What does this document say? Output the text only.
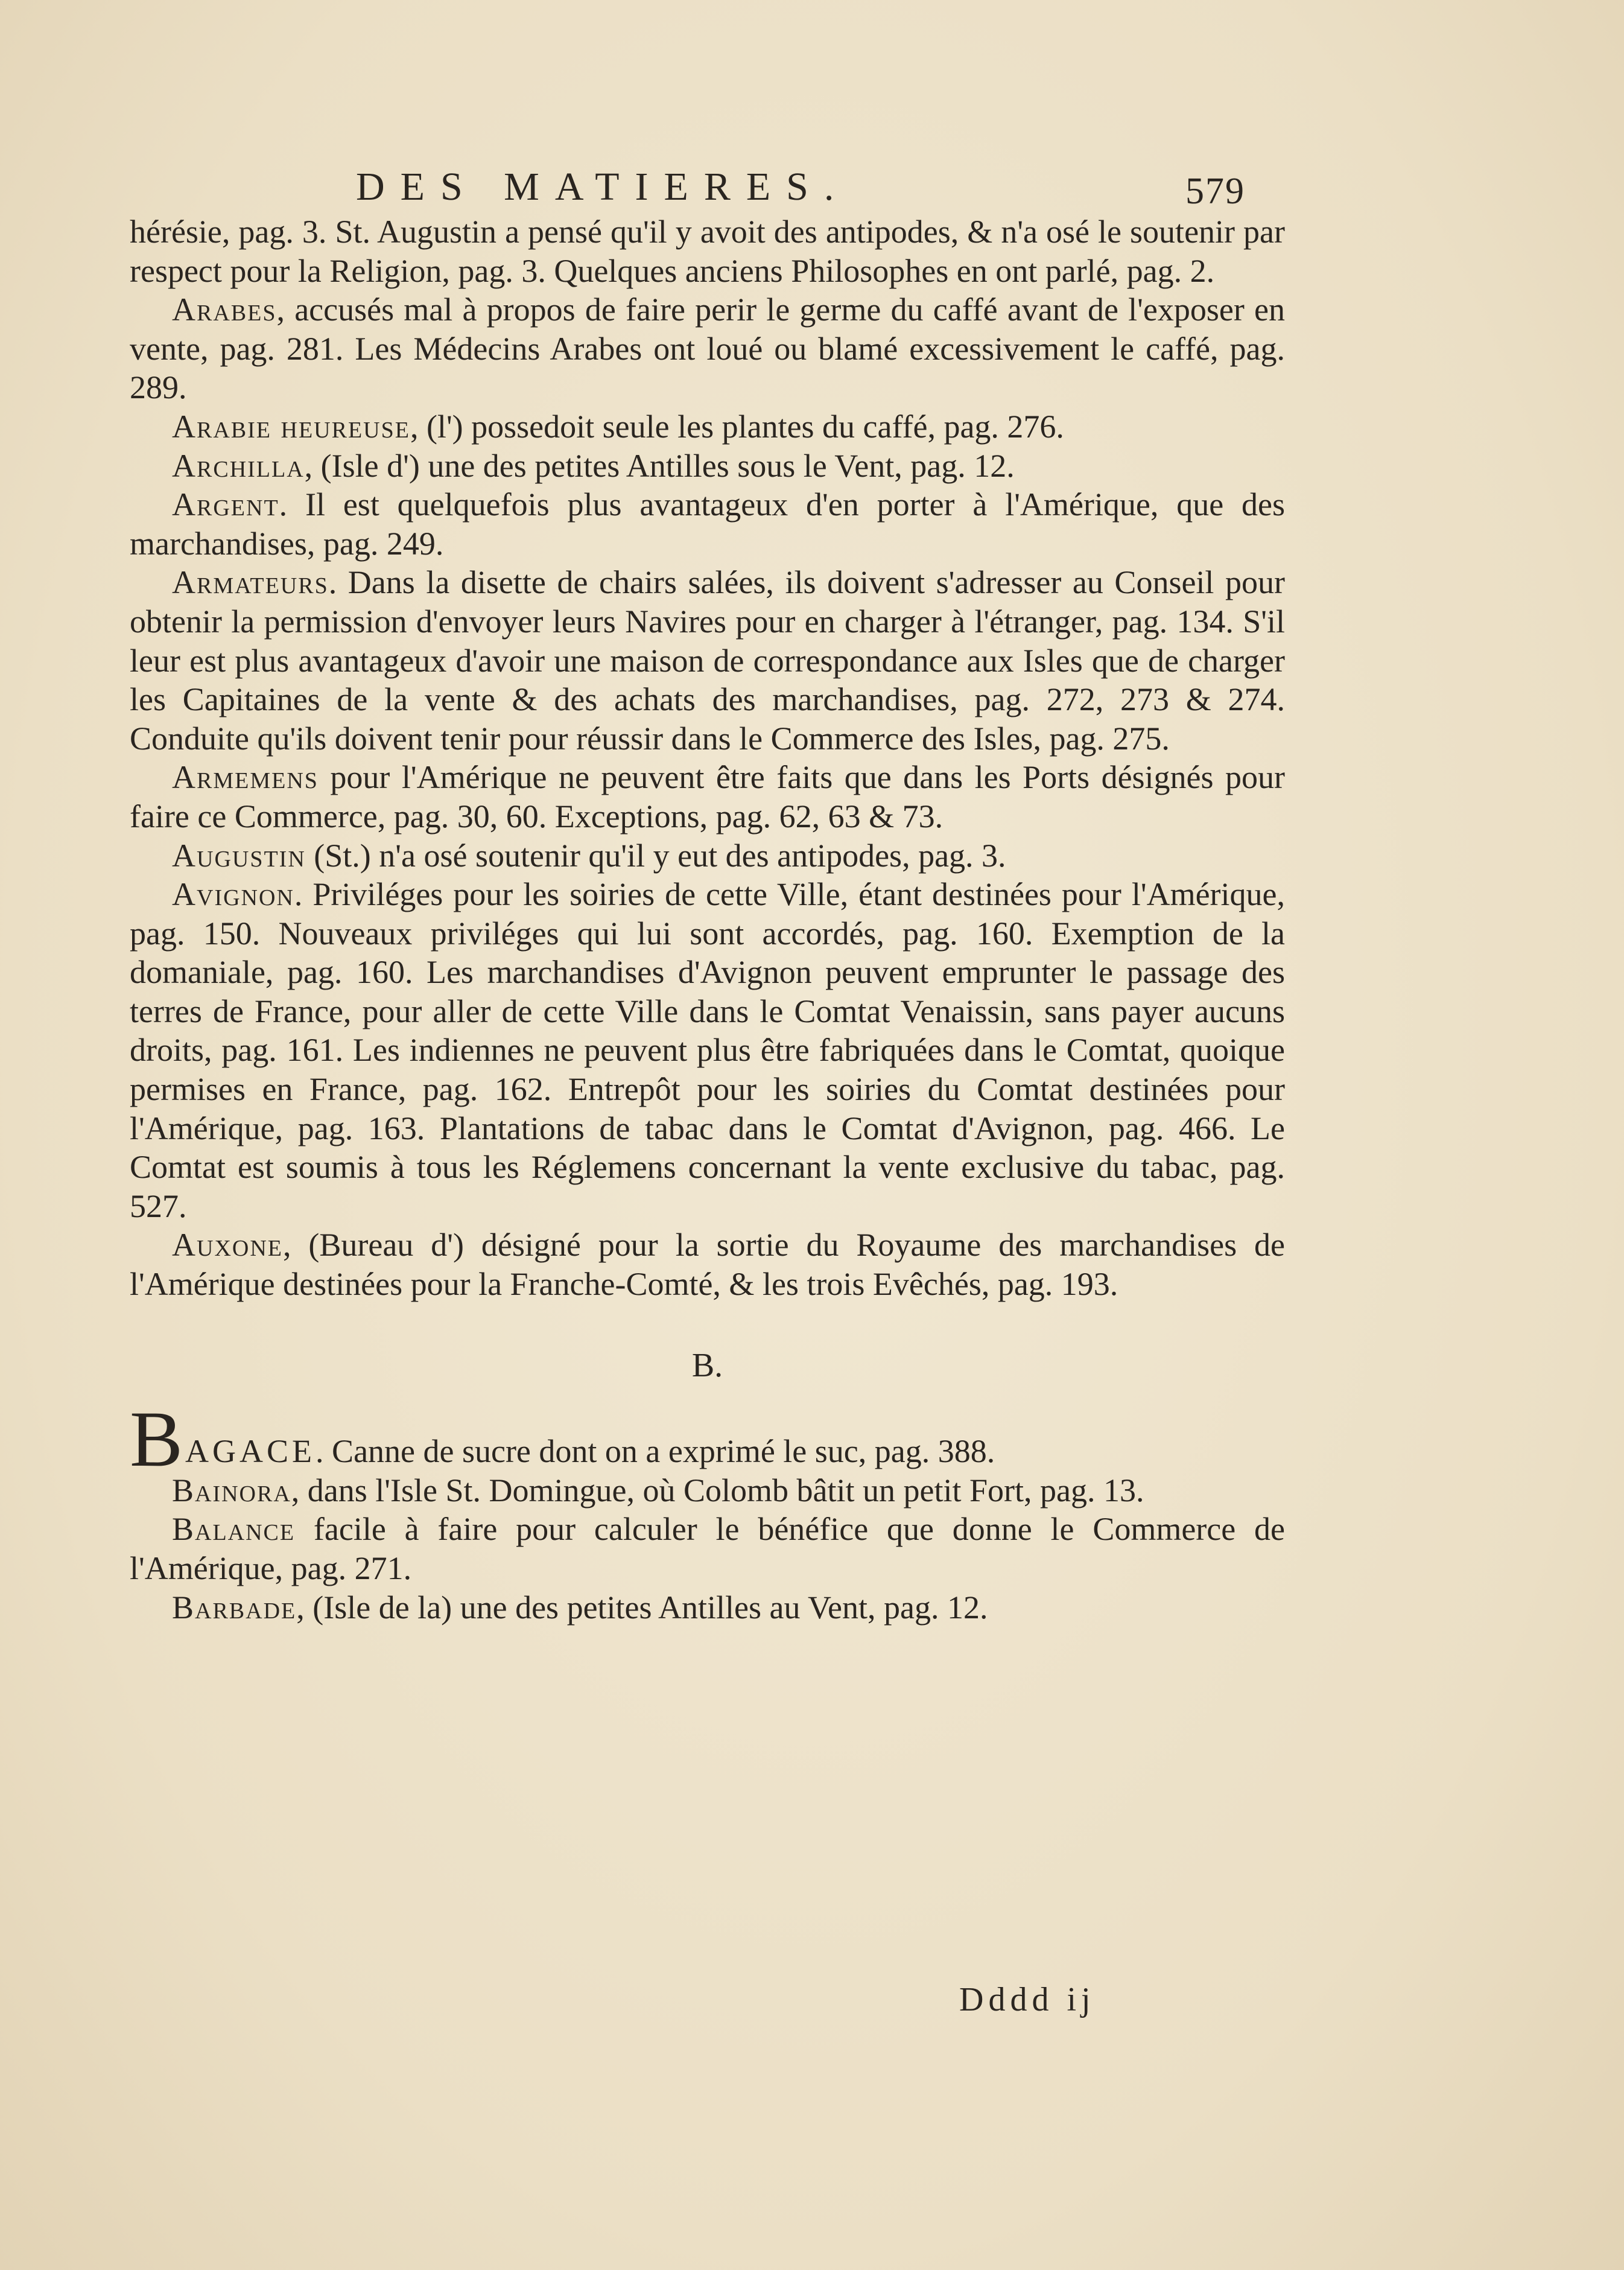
DES MATIERES.	579

hérésie, pag. 3. St. Augustin a pensé qu'il y avoit des antipodes, & n'a osé le soutenir par respect pour la Religion, pag. 3. Quelques anciens Philosophes en ont parlé, pag. 2.

Arabes, accusés mal à propos de faire perir le germe du caffé avant de l'exposer en vente, pag. 281. Les Médecins Arabes ont loué ou blamé excessivement le caffé, pag. 289.

Arabie heureuse, (l') possedoit seule les plantes du caffé, pag. 276.

Archilla, (Isle d') une des petites Antilles sous le Vent, pag. 12.

Argent. Il est quelquefois plus avantageux d'en porter à l'Amérique, que des marchandises, pag. 249.

Armateurs. Dans la disette de chairs salées, ils doivent s'adresser au Conseil pour obtenir la permission d'envoyer leurs Navires pour en charger à l'étranger, pag. 134. S'il leur est plus avantageux d'avoir une maison de correspondance aux Isles que de charger les Capitaines de la vente & des achats des marchandises, pag. 272, 273 & 274. Conduite qu'ils doivent tenir pour réussir dans le Commerce des Isles, pag. 275.

Armemens pour l'Amérique ne peuvent être faits que dans les Ports désignés pour faire ce Commerce, pag. 30, 60. Exceptions, pag. 62, 63 & 73.

Augustin (St.) n'a osé soutenir qu'il y eut des antipodes, pag. 3.

Avignon. Priviléges pour les soiries de cette Ville, étant destinées pour l'Amérique, pag. 150. Nouveaux priviléges qui lui sont accordés, pag. 160. Exemption de la domaniale, pag. 160. Les marchandises d'Avignon peuvent emprunter le passage des terres de France, pour aller de cette Ville dans le Comtat Venaissin, sans payer aucuns droits, pag. 161. Les indiennes ne peuvent plus être fabriquées dans le Comtat, quoique permises en France, pag. 162. Entrepôt pour les soiries du Comtat destinées pour l'Amérique, pag. 163. Plantations de tabac dans le Comtat d'Avignon, pag. 466. Le Comtat est soumis à tous les Réglemens concernant la vente exclusive du tabac, pag. 527.

Auxone, (Bureau d') désigné pour la sortie du Royaume des marchandises de l'Amérique destinées pour la Franche-Comté, & les trois Evêchés, pag. 193.

B.

BAGACE. Canne de sucre dont on a exprimé le suc, pag. 388.

Bainora, dans l'Isle St. Domingue, où Colomb bâtit un petit Fort, pag. 13.

Balance facile à faire pour calculer le bénéfice que donne le Commerce de l'Amérique, pag. 271.

Barbade, (Isle de la) une des petites Antilles au Vent, pag. 12.

Dddd ij
